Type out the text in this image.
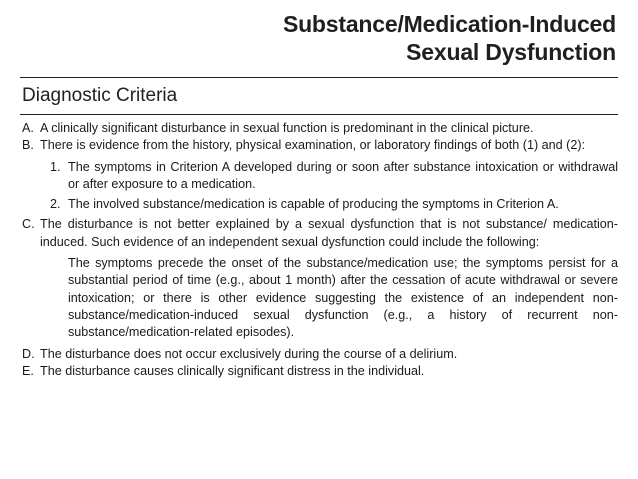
Substance/Medication-Induced
Sexual Dysfunction
Diagnostic Criteria
A. A clinically significant disturbance in sexual function is predominant in the clinical picture.
B. There is evidence from the history, physical examination, or laboratory findings of both (1) and (2):
1. The symptoms in Criterion A developed during or soon after substance intoxication or withdrawal or after exposure to a medication.
2. The involved substance/medication is capable of producing the symptoms in Criterion A.
C. The disturbance is not better explained by a sexual dysfunction that is not substance/ medication-induced. Such evidence of an independent sexual dysfunction could include the following:
The symptoms precede the onset of the substance/medication use; the symptoms persist for a substantial period of time (e.g., about 1 month) after the cessation of acute withdrawal or severe intoxication; or there is other evidence suggesting the existence of an independent non-substance/medication-induced sexual dysfunction (e.g., a history of recurrent non-substance/medication-related episodes).
D. The disturbance does not occur exclusively during the course of a delirium.
E. The disturbance causes clinically significant distress in the individual.
